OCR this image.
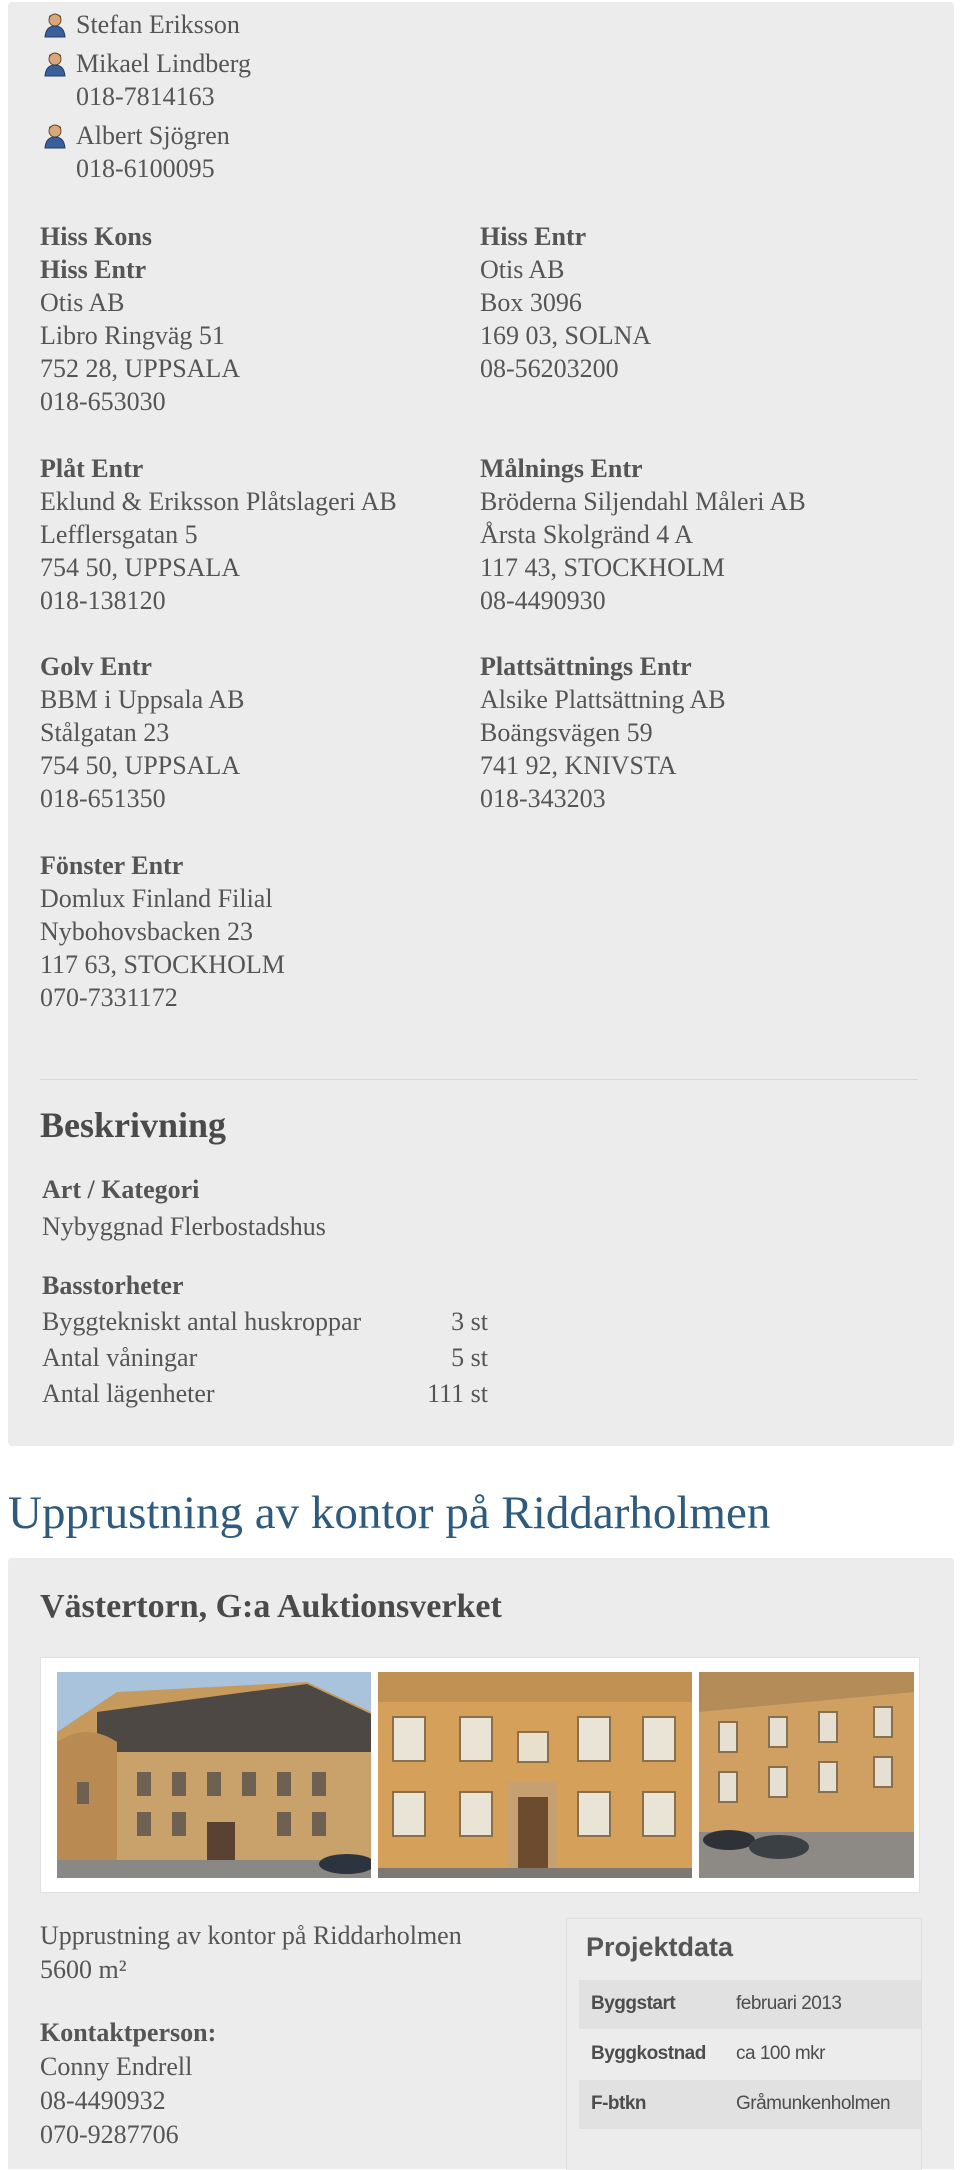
Stefan Eriksson
Mikael Lindberg
018-7814163
Albert Sjögren
018-6100095
Hiss Kons
Hiss Entr
Otis AB
Libro Ringväg 51
752 28, UPPSALA
018-653030
Hiss Entr
Otis AB
Box 3096
169 03, SOLNA
08-56203200
Plåt Entr
Eklund & Eriksson Plåtslageri AB
Lefflersgatan 5
754 50, UPPSALA
018-138120
Målnings Entr
Bröderna Siljendahl Måleri AB
Årsta Skolgränd 4 A
117 43, STOCKHOLM
08-4490930
Golv Entr
BBM i Uppsala AB
Stålgatan 23
754 50, UPPSALA
018-651350
Plattsättnings Entr
Alsike Plattsättning AB
Boängsvägen 59
741 92, KNIVSTA
018-343203
Fönster Entr
Domlux Finland Filial
Nybohovsbacken 23
117 63, STOCKHOLM
070-7331172
Beskrivning
Art / Kategori
Nybyggnad Flerbostadshus
Basstorheter
Byggtekniskt antal huskroppar	3 st
Antal våningar	5 st
Antal lägenheter	111 st
Upprustning av kontor på Riddarholmen
Västertorn, G:a Auktionsverket
Upprustning av kontor på Riddarholmen
5600 m²
Kontaktperson:
Conny Endrell
08-4490932
070-9287706
Projektdata
Byggstart	februari 2013
Byggkostnad ca 100 mkr
F-btkn	Gråmunkenholmen
